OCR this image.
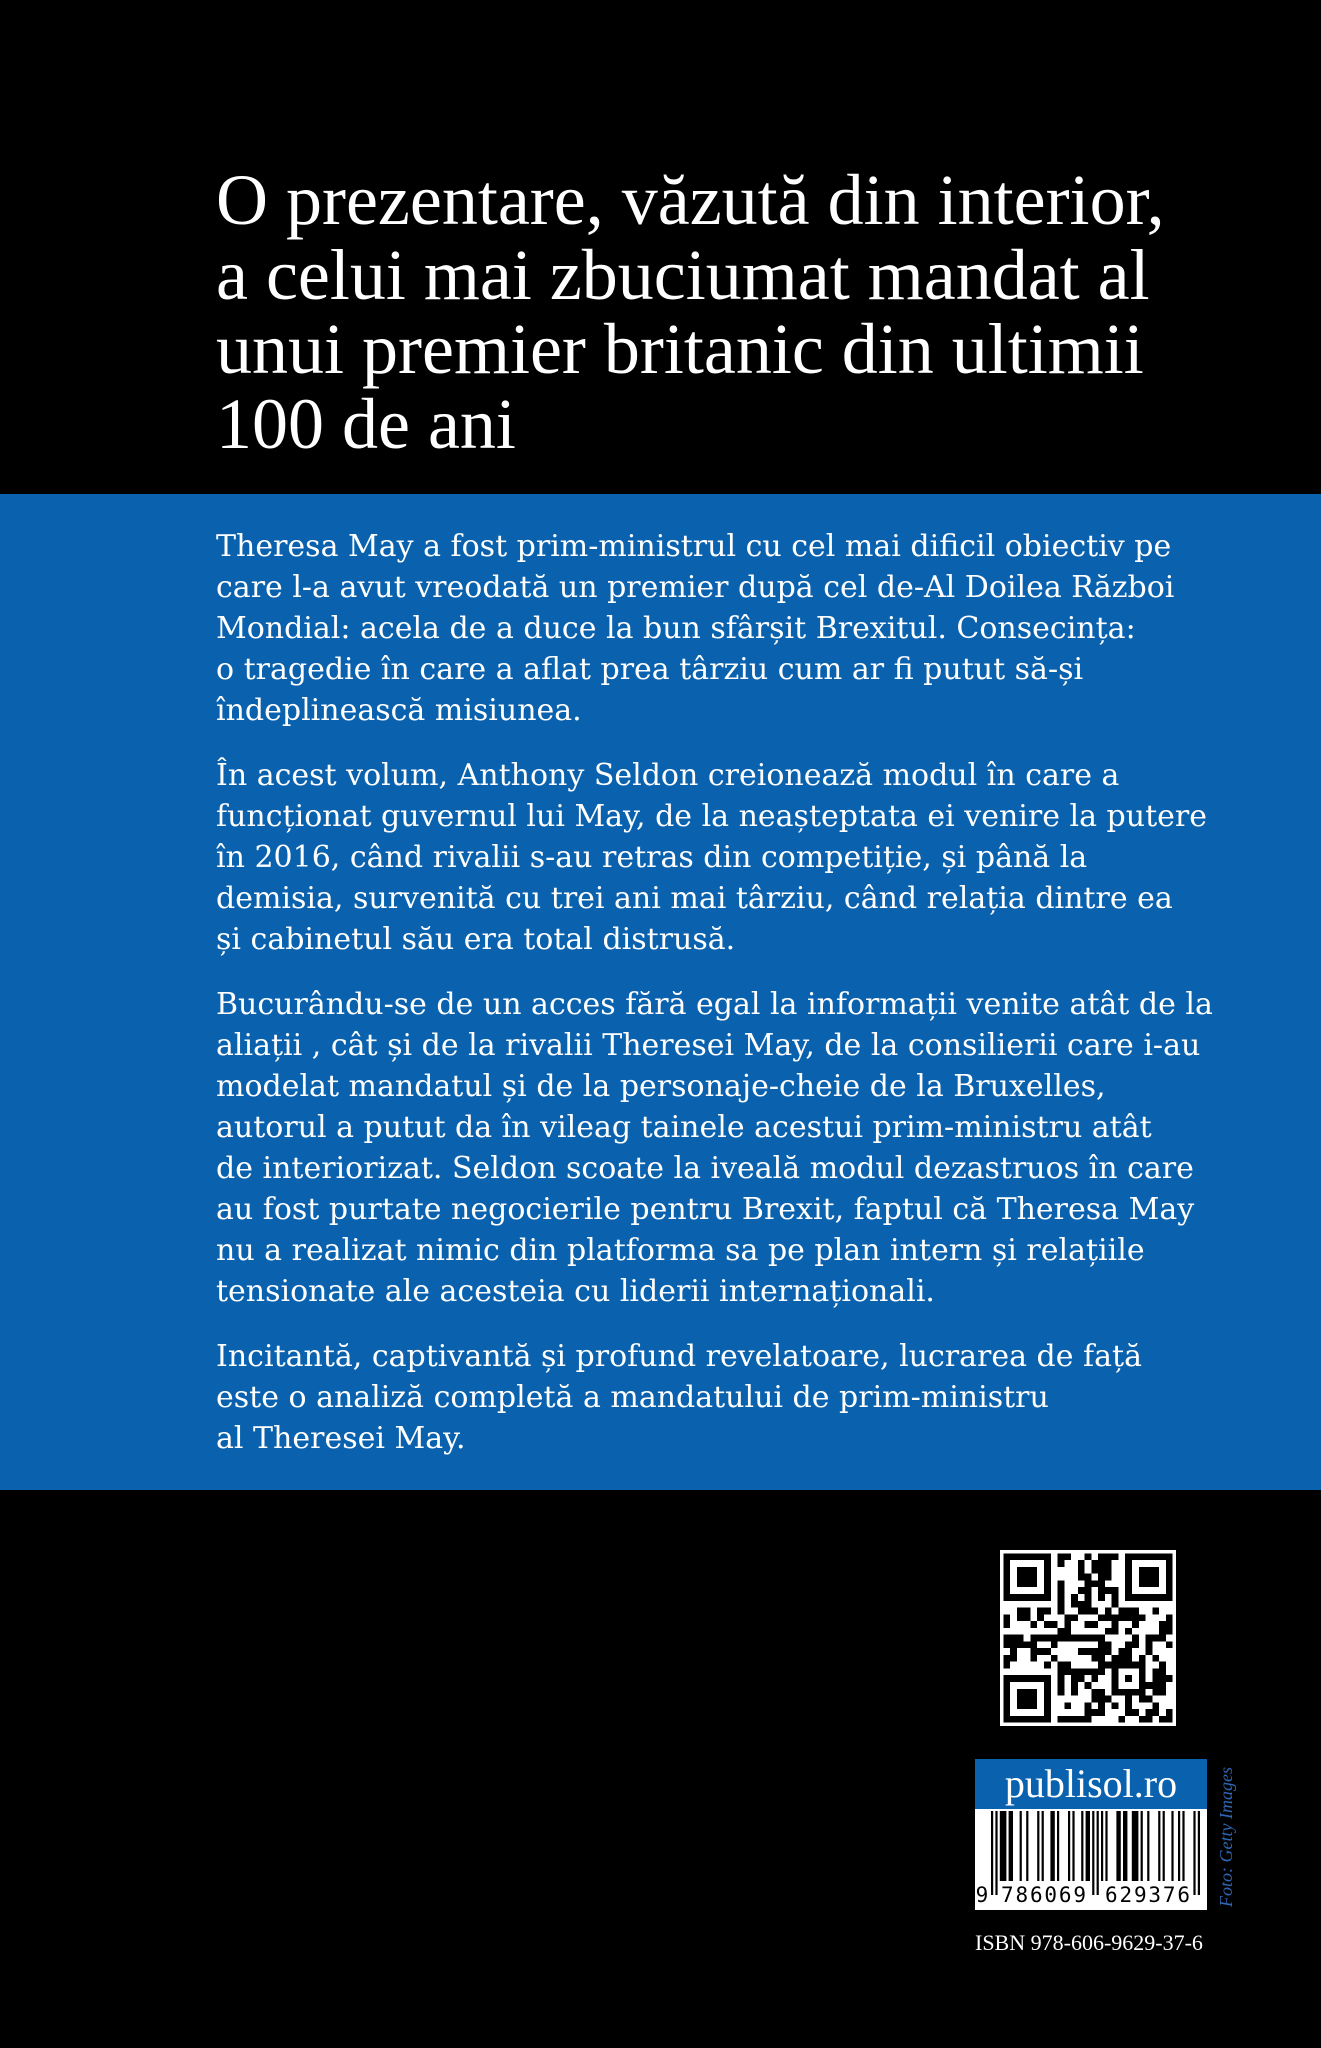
O prezentare, văzută din interior,
a celui mai zbuciumat mandat al
unui premier britanic din ultimii
100 de ani

Theresa May a fost prim-ministrul cu cel mai dificil obiectiv pe
care l-a avut vreodată un premier după cel de-Al Doilea Război
Mondial: acela de a duce la bun sfârșit Brexitul. Consecința:
o tragedie în care a aflat prea târziu cum ar fi putut să-și
îndeplinească misiunea.

În acest volum, Anthony Seldon creionează modul în care a
funcționat guvernul lui May, de la neașteptata ei venire la putere
în 2016, când rivalii s-au retras din competiție, și până la
demisia, survenită cu trei ani mai târziu, când relația dintre ea
și cabinetul său era total distrusă.

Bucurându-se de un acces fără egal la informații venite atât de la
aliații , cât și de la rivalii Theresei May, de la consilierii care i-au
modelat mandatul și de la personaje-cheie de la Bruxelles,
autorul a putut da în vileag tainele acestui prim-ministru atât
de interiorizat. Seldon scoate la iveală modul dezastruos în care
au fost purtate negocierile pentru Brexit, faptul că Theresa May
nu a realizat nimic din platforma sa pe plan intern și relațiile
tensionate ale acesteia cu liderii internaționali.

Incitantă, captivantă și profund revelatoare, lucrarea de față
este o analiză completă a mandatului de prim-ministru
al Theresei May.

publisol.ro
9 786069 629376 Foto: Getty Images
ISBN 978-606-9629-37-6
